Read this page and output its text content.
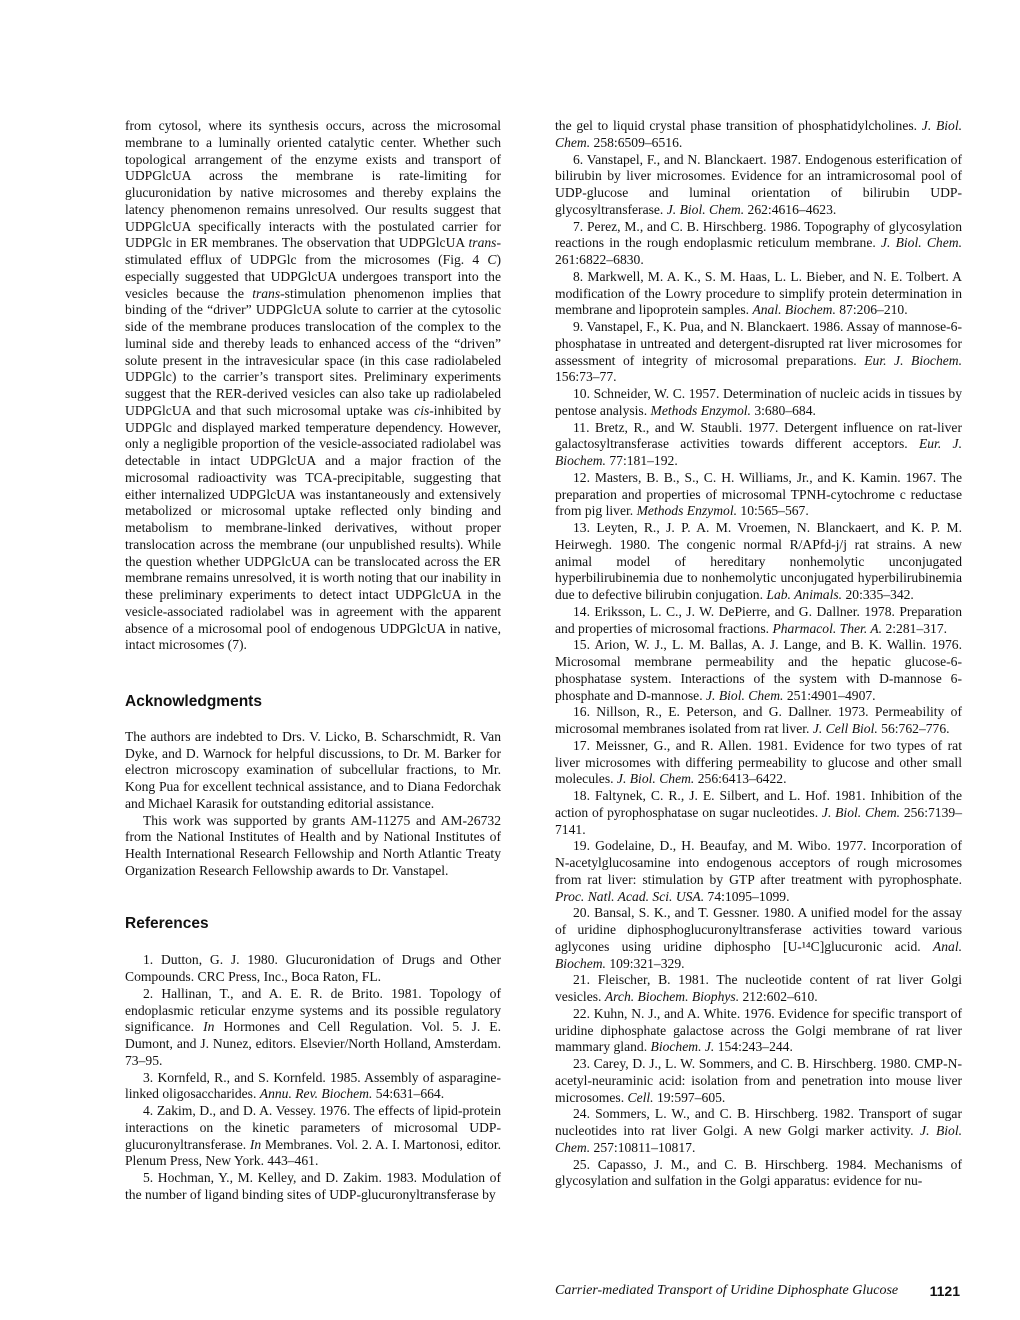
from cytosol, where its synthesis occurs, across the microsomal membrane to a luminally oriented catalytic center. Whether such topological arrangement of the enzyme exists and transport of UDPGlcUA across the membrane is rate-limiting for glucuronidation by native microsomes and thereby explains the latency phenomenon remains unresolved. Our results suggest that UDPGlcUA specifically interacts with the postulated carrier for UDPGlc in ER membranes. The observation that UDPGlcUA trans-stimulated efflux of UDPGlc from the microsomes (Fig. 4 C) especially suggested that UDPGlcUA undergoes transport into the vesicles because the trans-stimulation phenomenon implies that binding of the “driver” UDPGlcUA solute to carrier at the cytosolic side of the membrane produces translocation of the complex to the luminal side and thereby leads to enhanced access of the “driven” solute present in the intravesicular space (in this case radiolabeled UDPGlc) to the carrier’s transport sites. Preliminary experiments suggest that the RER-derived vesicles can also take up radiolabeled UDPGlcUA and that such microsomal uptake was cis-inhibited by UDPGlc and displayed marked temperature dependency. However, only a negligible proportion of the vesicle-associated radiolabel was detectable in intact UDPGlcUA and a major fraction of the microsomal radioactivity was TCA-precipitable, suggesting that either internalized UDPGlcUA was instantaneously and extensively metabolized or microsomal uptake reflected only binding and metabolism to membrane-linked derivatives, without proper translocation across the membrane (our unpublished results). While the question whether UDPGlcUA can be translocated across the ER membrane remains unresolved, it is worth noting that our inability in these preliminary experiments to detect intact UDPGlcUA in the vesicle-associated radiolabel was in agreement with the apparent absence of a microsomal pool of endogenous UDPGlcUA in native, intact microsomes (7).

Acknowledgments

The authors are indebted to Drs. V. Licko, B. Scharschmidt, R. Van Dyke, and D. Warnock for helpful discussions, to Dr. M. Barker for electron microscopy examination of subcellular fractions, to Mr. Kong Pua for excellent technical assistance, and to Diana Fedorchak and Michael Karasik for outstanding editorial assistance.

This work was supported by grants AM-11275 and AM-26732 from the National Institutes of Health and by National Institutes of Health International Research Fellowship and North Atlantic Treaty Organization Research Fellowship awards to Dr. Vanstapel.

References

1. Dutton, G. J. 1980. Glucuronidation of Drugs and Other Compounds. CRC Press, Inc., Boca Raton, FL.

2. Hallinan, T., and A. E. R. de Brito. 1981. Topology of endoplasmic reticular enzyme systems and its possible regulatory significance. In Hormones and Cell Regulation. Vol. 5. J. E. Dumont, and J. Nunez, editors. Elsevier/North Holland, Amsterdam. 73–95.

3. Kornfeld, R., and S. Kornfeld. 1985. Assembly of asparagine-linked oligosaccharides. Annu. Rev. Biochem. 54:631–664.

4. Zakim, D., and D. A. Vessey. 1976. The effects of lipid-protein interactions on the kinetic parameters of microsomal UDP-glucuronyltransferase. In Membranes. Vol. 2. A. I. Martonosi, editor. Plenum Press, New York. 443–461.

5. Hochman, Y., M. Kelley, and D. Zakim. 1983. Modulation of the number of ligand binding sites of UDP-glucuronyltransferase by

the gel to liquid crystal phase transition of phosphatidylcholines. J. Biol. Chem. 258:6509–6516.

6. Vanstapel, F., and N. Blanckaert. 1987. Endogenous esterification of bilirubin by liver microsomes. Evidence for an intramicrosomal pool of UDP-glucose and luminal orientation of bilirubin UDP-glycosyltransferase. J. Biol. Chem. 262:4616–4623.

7. Perez, M., and C. B. Hirschberg. 1986. Topography of glycosylation reactions in the rough endoplasmic reticulum membrane. J. Biol. Chem. 261:6822–6830.

8. Markwell, M. A. K., S. M. Haas, L. L. Bieber, and N. E. Tolbert. A modification of the Lowry procedure to simplify protein determination in membrane and lipoprotein samples. Anal. Biochem. 87:206–210.

9. Vanstapel, F., K. Pua, and N. Blanckaert. 1986. Assay of mannose-6-phosphatase in untreated and detergent-disrupted rat liver microsomes for assessment of integrity of microsomal preparations. Eur. J. Biochem. 156:73–77.

10. Schneider, W. C. 1957. Determination of nucleic acids in tissues by pentose analysis. Methods Enzymol. 3:680–684.

11. Bretz, R., and W. Staubli. 1977. Detergent influence on rat-liver galactosyltransferase activities towards different acceptors. Eur. J. Biochem. 77:181–192.

12. Masters, B. B., S., C. H. Williams, Jr., and K. Kamin. 1967. The preparation and properties of microsomal TPNH-cytochrome c reductase from pig liver. Methods Enzymol. 10:565–567.

13. Leyten, R., J. P. A. M. Vroemen, N. Blanckaert, and K. P. M. Heirwegh. 1980. The congenic normal R/APfd-j/j rat strains. A new animal model of hereditary nonhemolytic unconjugated hyperbilirubinemia due to nonhemolytic unconjugated hyperbilirubinemia due to defective bilirubin conjugation. Lab. Animals. 20:335–342.

14. Eriksson, L. C., J. W. DePierre, and G. Dallner. 1978. Preparation and properties of microsomal fractions. Pharmacol. Ther. A. 2:281–317.

15. Arion, W. J., L. M. Ballas, A. J. Lange, and B. K. Wallin. 1976. Microsomal membrane permeability and the hepatic glucose-6-phosphatase system. Interactions of the system with D-mannose 6-phosphate and D-mannose. J. Biol. Chem. 251:4901–4907.

16. Nillson, R., E. Peterson, and G. Dallner. 1973. Permeability of microsomal membranes isolated from rat liver. J. Cell Biol. 56:762–776.

17. Meissner, G., and R. Allen. 1981. Evidence for two types of rat liver microsomes with differing permeability to glucose and other small molecules. J. Biol. Chem. 256:6413–6422.

18. Faltynek, C. R., J. E. Silbert, and L. Hof. 1981. Inhibition of the action of pyrophosphatase on sugar nucleotides. J. Biol. Chem. 256:7139–7141.

19. Godelaine, D., H. Beaufay, and M. Wibo. 1977. Incorporation of N-acetylglucosamine into endogenous acceptors of rough microsomes from rat liver: stimulation by GTP after treatment with pyrophosphate. Proc. Natl. Acad. Sci. USA. 74:1095–1099.

20. Bansal, S. K., and T. Gessner. 1980. A unified model for the assay of uridine diphosphoglucuronyltransferase activities toward various aglycones using uridine diphospho [U-¹⁴C]glucuronic acid. Anal. Biochem. 109:321–329.

21. Fleischer, B. 1981. The nucleotide content of rat liver Golgi vesicles. Arch. Biochem. Biophys. 212:602–610.

22. Kuhn, N. J., and A. White. 1976. Evidence for specific transport of uridine diphosphate galactose across the Golgi membrane of rat liver mammary gland. Biochem. J. 154:243–244.

23. Carey, D. J., L. W. Sommers, and C. B. Hirschberg. 1980. CMP-N-acetyl-neuraminic acid: isolation from and penetration into mouse liver microsomes. Cell. 19:597–605.

24. Sommers, L. W., and C. B. Hirschberg. 1982. Transport of sugar nucleotides into rat liver Golgi. A new Golgi marker activity. J. Biol. Chem. 257:10811–10817.

25. Capasso, J. M., and C. B. Hirschberg. 1984. Mechanisms of glycosylation and sulfation in the Golgi apparatus: evidence for nu-

Carrier-mediated Transport of Uridine Diphosphate Glucose 1121
